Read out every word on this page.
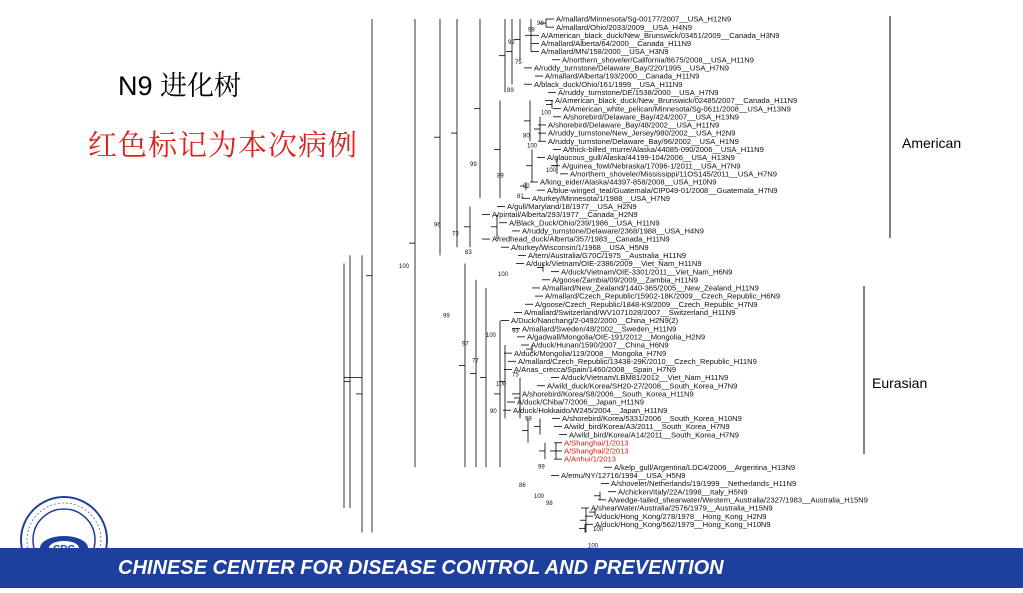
N9 进化树
红色标记为本次病例
A/mallard/Minnesota/Sg-00177/2007__USA_H12N9
A/mallard/Ohio/2033/2009__USA_H4N9
A/American_black_duck/New_Brunswick/03451/2009__Canada_H3N9
A/mallard/Alberta/64/2000__Canada_H11N9
A/mallard/MN/158/2000__USA_H3N9
A/northern_shoveler/California/8675/2008__USA_H11N9
A/ruddy_turnstone/Delaware_Bay/220/1995__USA_H7N9
A/mallard/Alberta/193/2000__Canada_H11N9
A/black_duck/Ohio/161/1999__USA_H11N9
A/ruddy_turnstone/DE/1538/2000__USA_H7N9
A/American_black_duck/New_Brunswick/02485/2007__Canada_H11N9
A/American_white_pelican/Minnesota/Sg-0611/2008__USA_H13N9
A/shorebird/Delaware_Bay/424/2007__USA_H13N9
A/shorebird/Delaware_Bay/48/2002__USA_H11N9
A/ruddy_turnstone/New_Jersey/980/2002__USA_H2N9
A/ruddy_turnstone/Delaware_Bay/96/2002__USA_H1N9
A/thick-billed_murre/Alaska/44085-090/2006__USA_H11N9
A/glaucous_gull/Alaska/44199-104/2006__USA_H13N9
A/guinea_fowl/Nebraska/17096-1/2011__USA_H7N9
A/northern_shoveler/Mississippi/11OS145/2011__USA_H7N9
A/king_eider/Alaska/44397-858/2008__USA_H10N9
A/blue-winged_teal/Guatemala/CIP049-01/2008__Guatemala_H7N9
A/turkey/Minnesota/1/1988__USA_H7N9
A/gull/Maryland/18/1977__USA_H2N9
A/pintail/Alberta/293/1977__Canada_H2N9
A/Black_Duck/Ohio/239/1986__USA_H11N9
A/ruddy_turnstone/Delaware/2368/1988__USA_H4N9
A/redhead_duck/Alberta/357/1983__Canada_H11N9
A/turkey/Wisconsin/1/1968__USA_H5N9
A/tern/Australia/G70C/1975__Australia_H11N9
A/duck/Vietnam/OIE-2386/2009__Viet_Nam_H11N9
A/duck/Vietnam/OIE-3301/2011__Viet_Nam_H6N9
A/goose/Zambia/09/2009__Zambia_H11N9
A/mallard/New_Zealand/1440-365/2005__New_Zealand_H11N9
A/mallard/Czech_Republic/15902-18K/2009__Czech_Republic_H6N9
A/goose/Czech_Republic/1848-K9/2009__Czech_Republic_H7N9
A/mallard/Switzerland/WV1071028/2007__Switzerland_H11N9
A/Duck/Nanchang/2-0492/2000__China_H2N9(2)
A/mallard/Sweden/48/2002__Sweden_H11N9
A/gadwall/Mongolia/OIE-191/2012__Mongolia_H2N9
A/duck/Hunan/1590/2007__China_H6N9
A/duck/Mongolia/119/2008__Mongolia_H7N9
A/mallard/Czech_Republic/13438-29K/2010__Czech_Republic_H11N9
A/Anas_crecca/Spain/1460/2008__Spain_H7N9
A/duck/Vietnam/LBM81/2012__Viet_Nam_H11N9
A/wild_duck/Korea/SH20-27/2008__South_Korea_H7N9
A/shorebird/Korea/S8/2006__South_Korea_H11N9
A/duck/Chiba/7/2006__Japan_H11N9
A/duck/Hokkaido/W245/2004__Japan_H11N9
A/shorebird/Korea/5331/2006__South_Korea_H10N9
A/wild_bird/Korea/A3/2011__South_Korea_H7N9
A/wild_bird/Korea/A14/2011__South_Korea_H7N9
A/Shanghai/1/2013
A/Shanghai/2/2013
A/Anhui/1/2013
A/kelp_gull/Argentina/LDC4/2006__Argentina_H13N9
A/emu/NY/12716/1994__USA_H5N9
A/shoveler/Netherlands/19/1999__Netherlands_H11N9
A/chicken/Italy/22A/1998__Italy_H5N9
A/wedge-tailed_shearwater/Western_Australia/2327/1983__Australia_H15N9
A/shearWater/Australia/2576/1979__Australia_H15N9
A/duck/Hong_Kong/278/1978__Hong_Kong_H2N9
A/duck/Hong_Kong/562/1979__Hong_Kong_H10N9
98
99
92
75
89
100
80
100
99
100
89
92
81
96
73
83
100
100
99
93
100
97
77
75
100
90
99
99
86
100
98
100
100
American
Eurasian
CHINESE CENTER FOR DISEASE CONTROL AND PREVENTION
